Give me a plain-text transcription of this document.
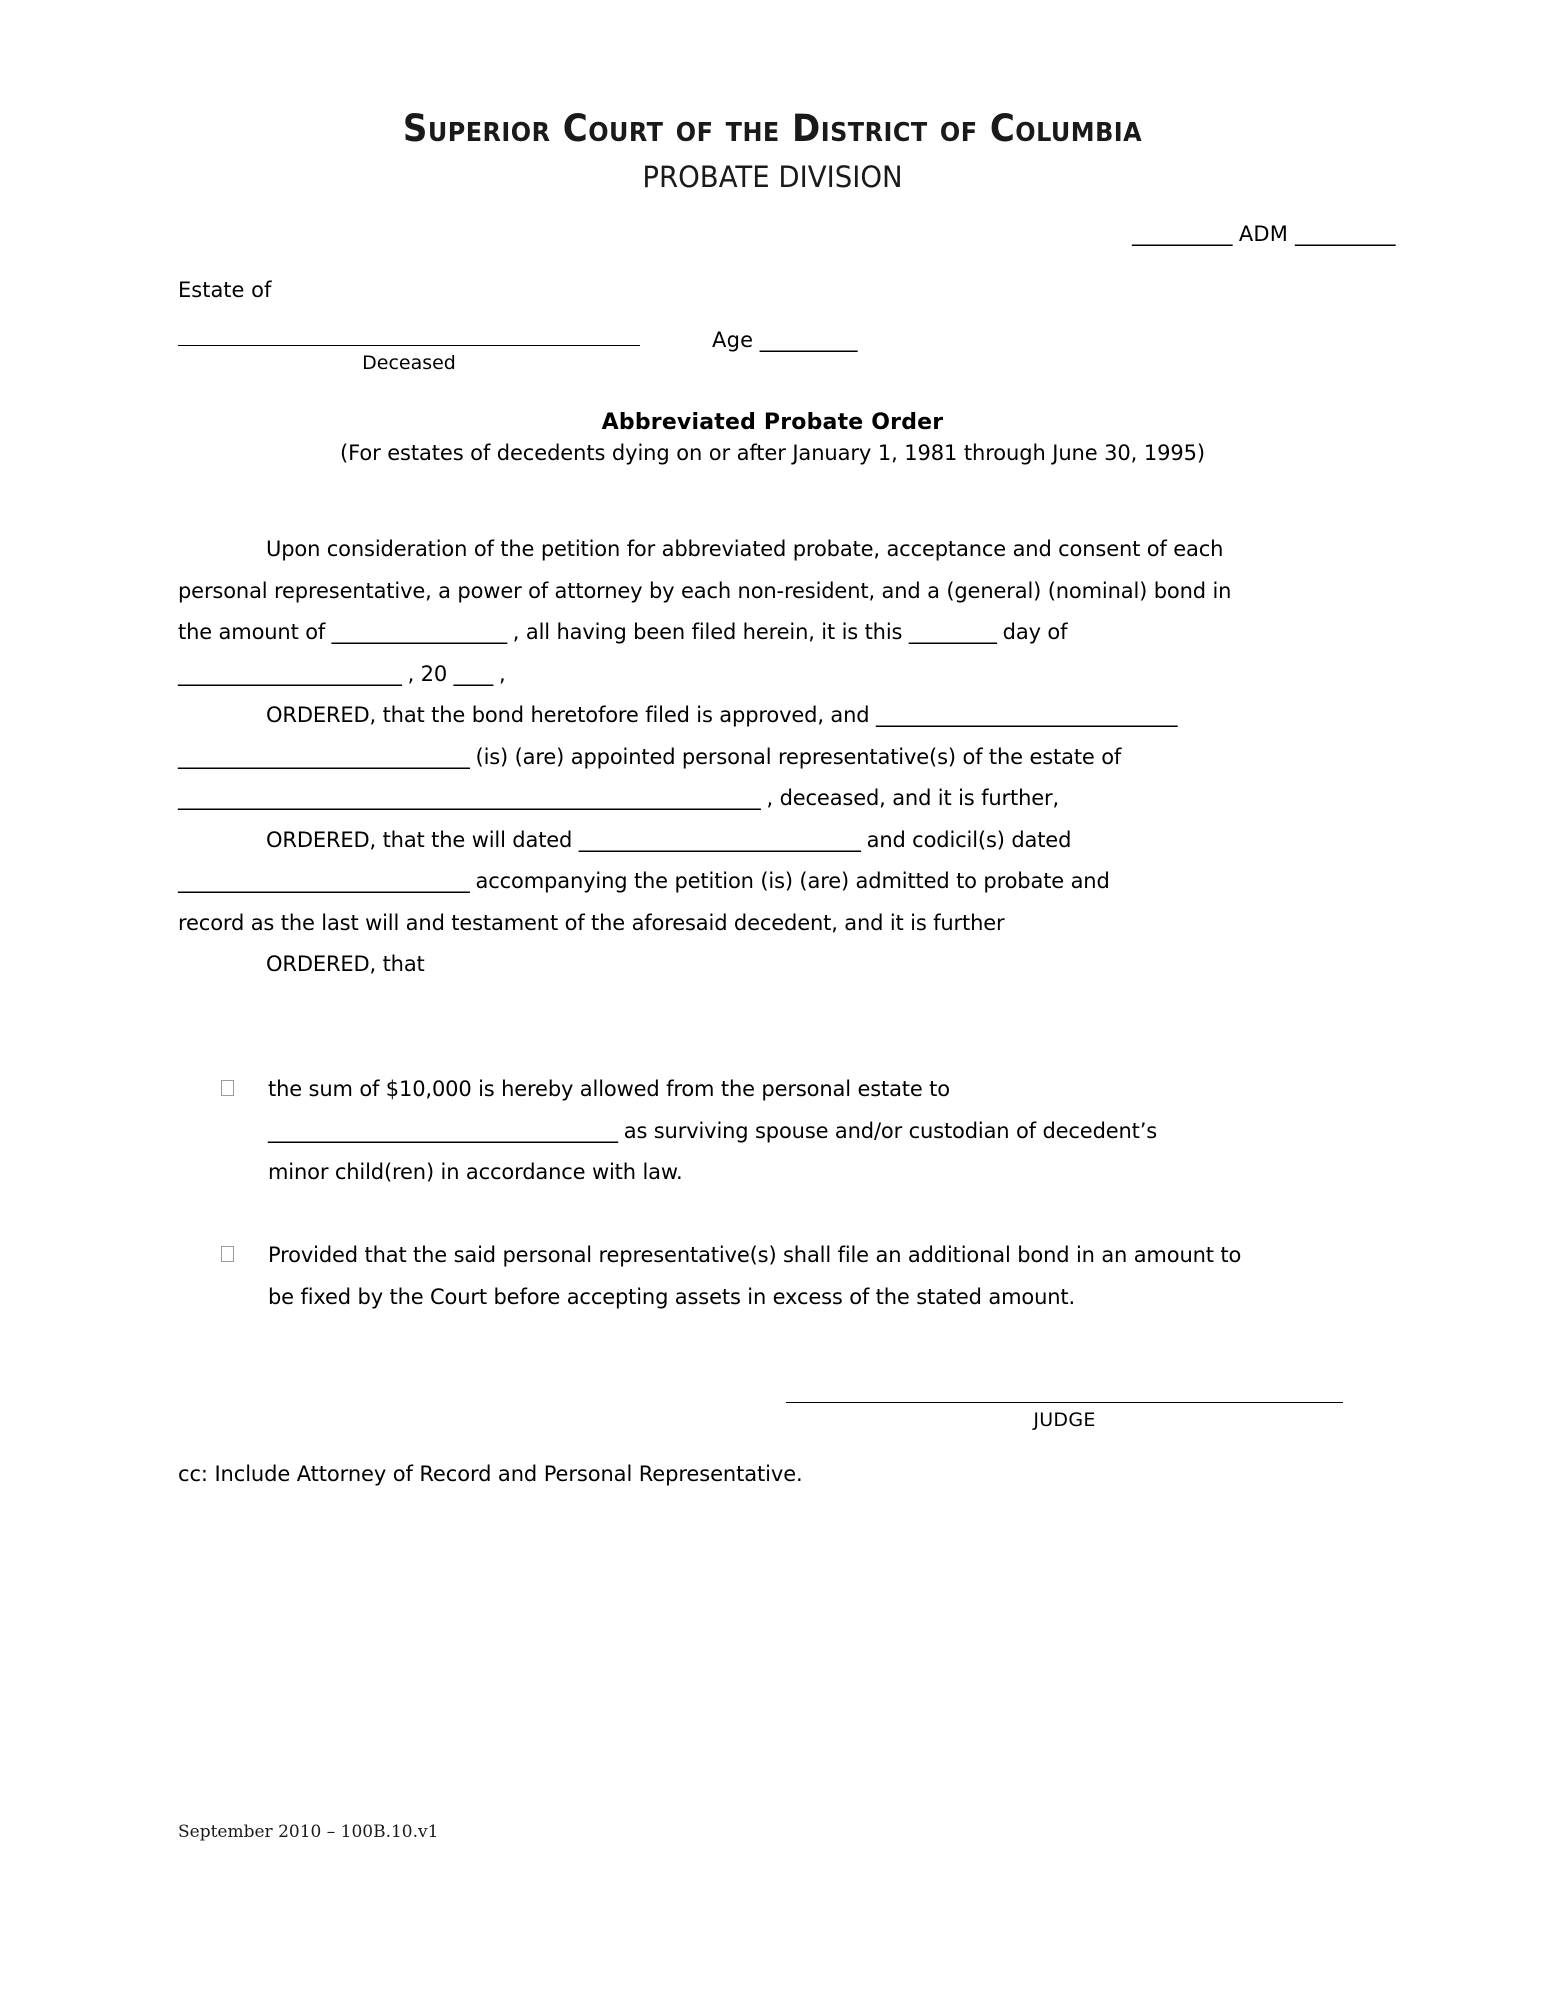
Superior Court of the District of Columbia
PROBATE DIVISION
__________ ADM __________
Estate of
Deceased
Age __________
Abbreviated Probate Order
(For estates of decedents dying on or after January 1, 1981 through June 30, 1995)

Upon consideration of the petition for abbreviated probate, acceptance and consent of each

personal representative, a power of attorney by each non-resident, and a (general) (nominal) bond in

the amount of __________________ , all having been filed herein, it is this _________ day of

_______________________ , 20 ____ ,

ORDERED, that the bond heretofore filed is approved, and _______________________________

______________________________ (is) (are) appointed personal representative(s) of the estate of

____________________________________________________________ , deceased, and it is further,

ORDERED, that the will dated _____________________________ and codicil(s) dated

______________________________ accompanying the petition (is) (are) admitted to probate and

record as the last will and testament of the aforesaid decedent, and it is further

ORDERED, that

the sum of $10,000 is hereby allowed from the personal estate to

____________________________________ as surviving spouse and/or custodian of decedent’s

minor child(ren) in accordance with law.

Provided that the said personal representative(s) shall file an additional bond in an amount to

be fixed by the Court before accepting assets in excess of the stated amount.

JUDGE
cc: Include Attorney of Record and Personal Representative.
September 2010 – 100B.10.v1
